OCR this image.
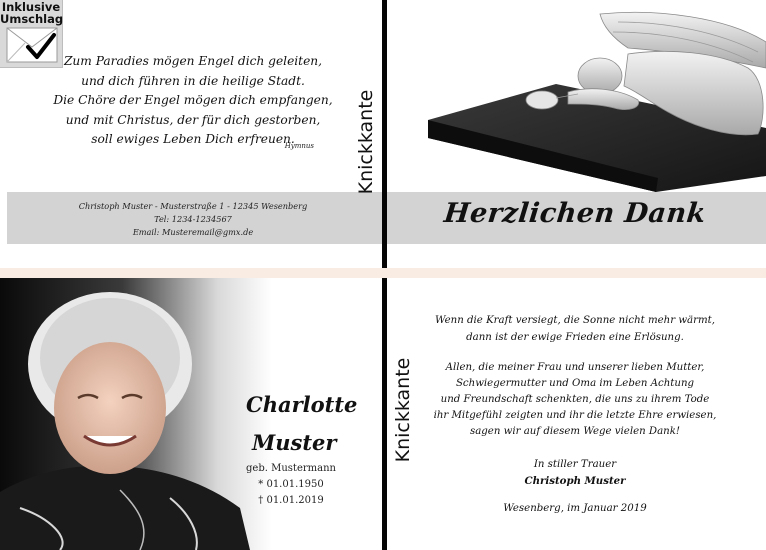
Inklusive
Umschlag
Zum Paradies mögen Engel dich geleiten,
und dich führen in die heilige Stadt.
Die Chöre der Engel mögen dich empfangen,
und mit Christus, der für dich gestorben,
soll ewiges Leben Dich erfreuen.
Hymnus
Christoph Muster - Musterstraße 1 - 12345 Wesenberg
Tel: 1234-1234567
Email: Musteremail@gmx.de
Herzlichen Dank
Knickkante
Knickkante
Charlotte
Muster
geb. Mustermann
* 01.01.1950
† 01.01.2019
Wenn die Kraft versiegt, die Sonne nicht mehr wärmt,
dann ist der ewige Frieden eine Erlösung.
Allen, die meiner Frau und unserer lieben Mutter,
Schwiegermutter und Oma im Leben Achtung
und Freundschaft schenkten, die uns zu ihrem Tode
ihr Mitgefühl zeigten und ihr die letzte Ehre erwiesen,
sagen wir auf diesem Wege vielen Dank!
In stiller Trauer
Christoph Muster
Wesenberg, im Januar 2019
